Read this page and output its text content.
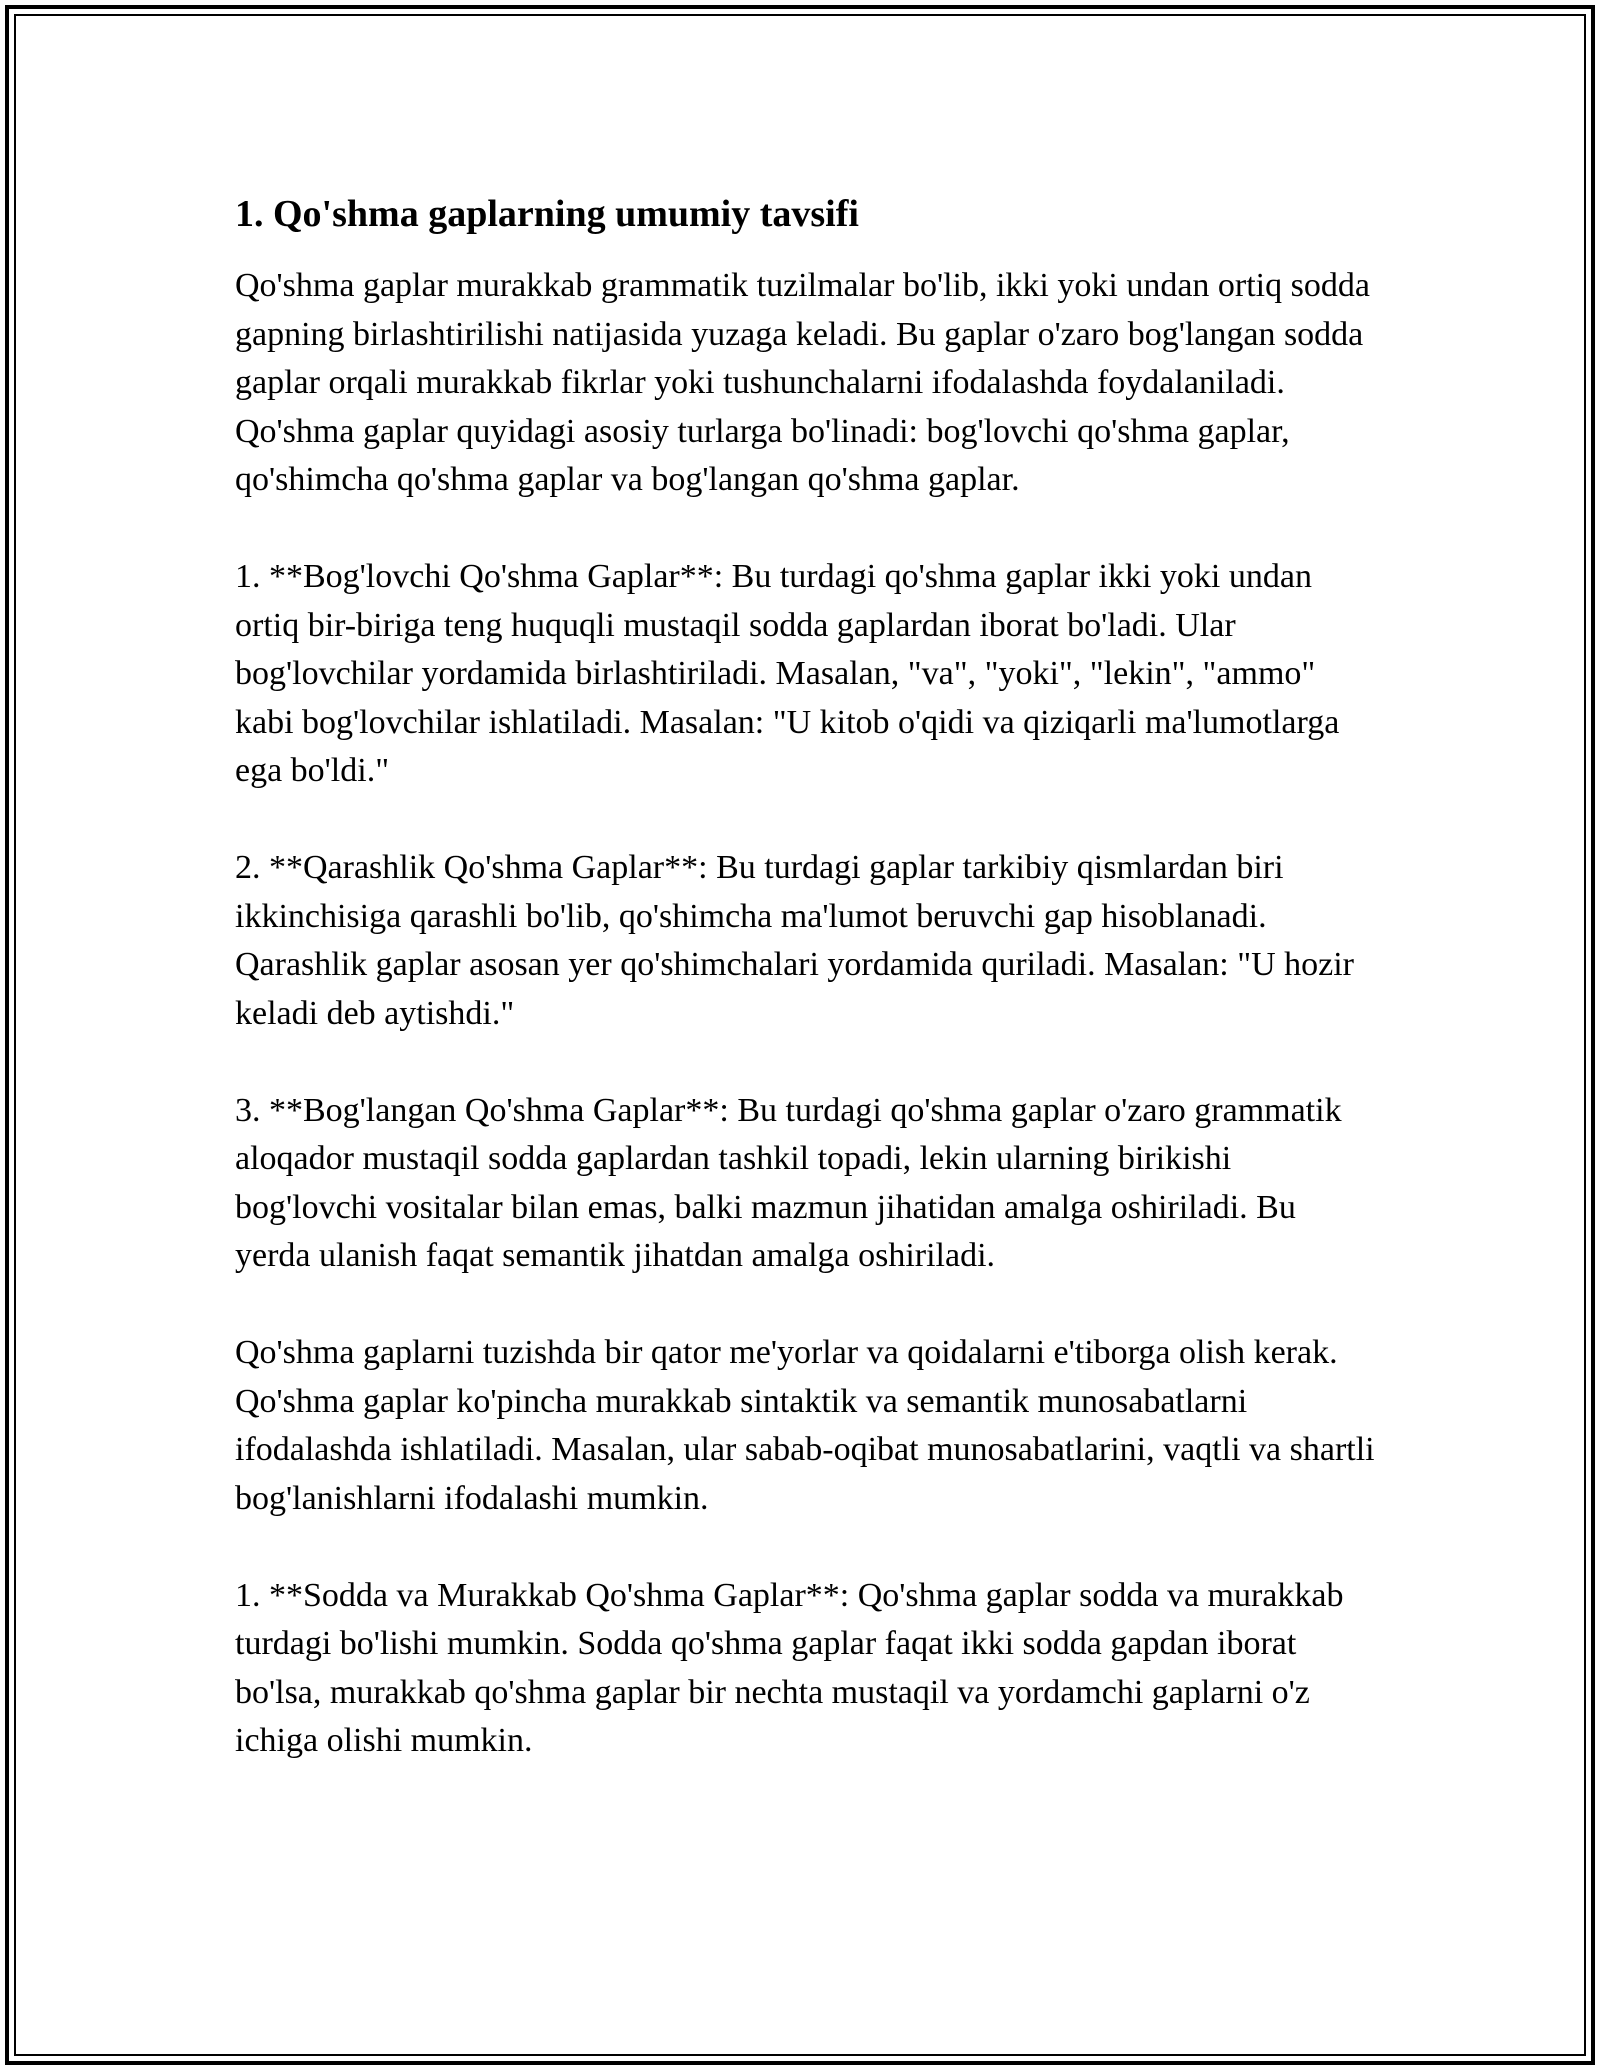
1. Qo'shma gaplarning umumiy tavsifi

Qo'shma gaplar murakkab grammatik tuzilmalar bo'lib, ikki yoki undan ortiq sodda gapning birlashtirilishi natijasida yuzaga keladi. Bu gaplar o'zaro bog'langan sodda gaplar orqali murakkab fikrlar yoki tushunchalarni ifodalashda foydalaniladi. Qo'shma gaplar quyidagi asosiy turlarga bo'linadi: bog'lovchi qo'shma gaplar, qo'shimcha qo'shma gaplar va bog'langan qo'shma gaplar.

1. **Bog'lovchi Qo'shma Gaplar**: Bu turdagi qo'shma gaplar ikki yoki undan ortiq bir-biriga teng huquqli mustaqil sodda gaplardan iborat bo'ladi. Ular bog'lovchilar yordamida birlashtiriladi. Masalan, "va", "yoki", "lekin", "ammo" kabi bog'lovchilar ishlatiladi. Masalan: "U kitob o'qidi va qiziqarli ma'lumotlarga ega bo'ldi."

2. **Qarashlik Qo'shma Gaplar**: Bu turdagi gaplar tarkibiy qismlardan biri ikkinchisiga qarashli bo'lib, qo'shimcha ma'lumot beruvchi gap hisoblanadi. Qarashlik gaplar asosan yer qo'shimchalari yordamida quriladi. Masalan: "U hozir keladi deb aytishdi."

3. **Bog'langan Qo'shma Gaplar**: Bu turdagi qo'shma gaplar o'zaro grammatik aloqador mustaqil sodda gaplardan tashkil topadi, lekin ularning birikishi bog'lovchi vositalar bilan emas, balki mazmun jihatidan amalga oshiriladi. Bu yerda ulanish faqat semantik jihatdan amalga oshiriladi.

Qo'shma gaplarni tuzishda bir qator me'yorlar va qoidalarni e'tiborga olish kerak. Qo'shma gaplar ko'pincha murakkab sintaktik va semantik munosabatlarni ifodalashda ishlatiladi. Masalan, ular sabab-oqibat munosabatlarini, vaqtli va shartli bog'lanishlarni ifodalashi mumkin.

1. **Sodda va Murakkab Qo'shma Gaplar**: Qo'shma gaplar sodda va murakkab turdagi bo'lishi mumkin. Sodda qo'shma gaplar faqat ikki sodda gapdan iborat bo'lsa, murakkab qo'shma gaplar bir nechta mustaqil va yordamchi gaplarni o'z ichiga olishi mumkin.
